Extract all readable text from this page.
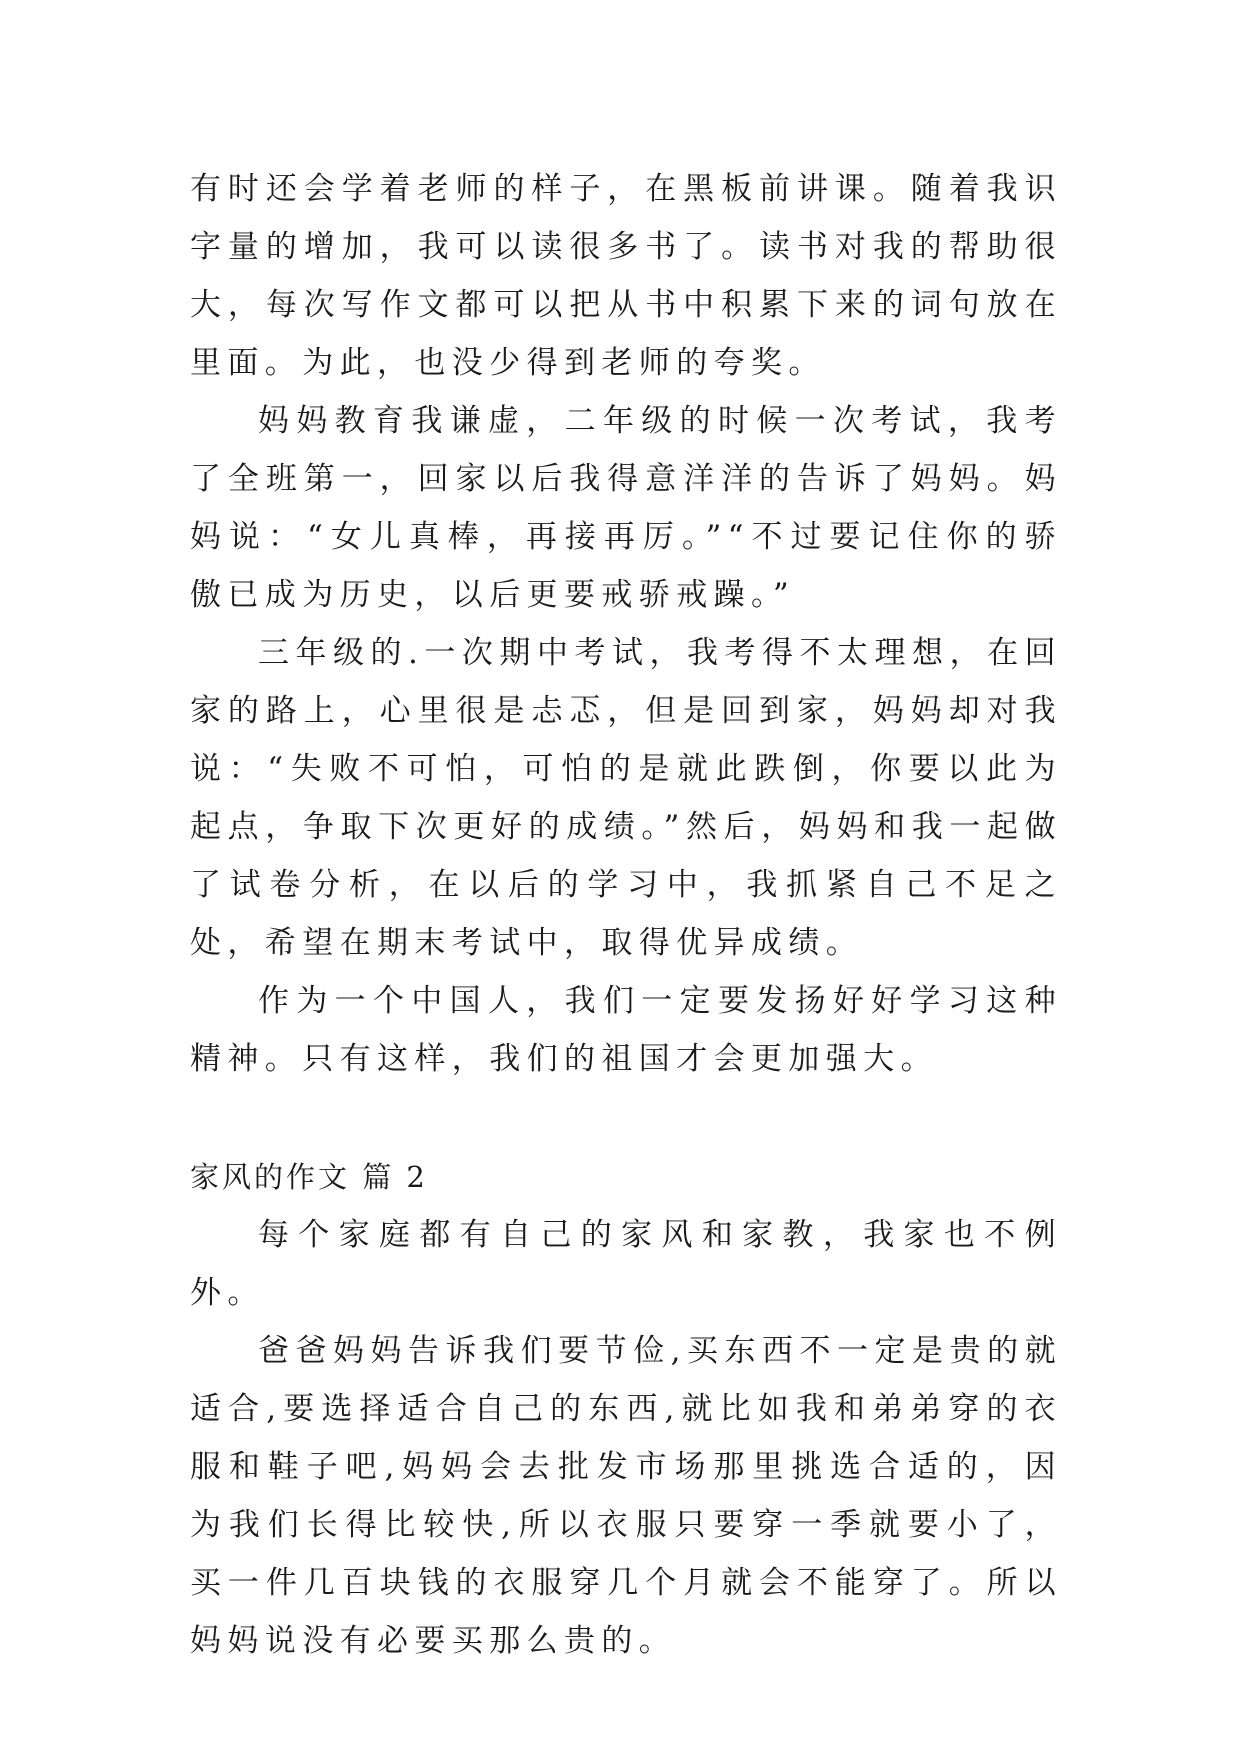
有时还会学着老师的样子，在黑板前讲课。随着我识字量的增加，我可以读很多书了。读书对我的帮助很大，每次写作文都可以把从书中积累下来的词句放在里面。为此，也没少得到老师的夸奖。

妈妈教育我谦虚，二年级的时候一次考试，我考了全班第一，回家以后我得意洋洋的告诉了妈妈。妈妈说：“女儿真棒，再接再厉。”“不过要记住你的骄傲已成为历史，以后更要戒骄戒躁。”

三年级的.一次期中考试，我考得不太理想，在回家的路上，心里很是忐忑，但是回到家，妈妈却对我说：“失败不可怕，可怕的是就此跌倒，你要以此为起点，争取下次更好的成绩。”然后，妈妈和我一起做了试卷分析，在以后的学习中，我抓紧自己不足之处，希望在期末考试中，取得优异成绩。

作为一个中国人，我们一定要发扬好好学习这种精神。只有这样，我们的祖国才会更加强大。

家风的作文 篇 2

每个家庭都有自己的家风和家教，我家也不例外。

爸爸妈妈告诉我们要节俭,买东西不一定是贵的就适合,要选择适合自己的东西,就比如我和弟弟穿的衣服和鞋子吧,妈妈会去批发市场那里挑选合适的，因为我们长得比较快,所以衣服只要穿一季就要小了，买一件几百块钱的衣服穿几个月就会不能穿了。所以妈妈说没有必要买那么贵的。
